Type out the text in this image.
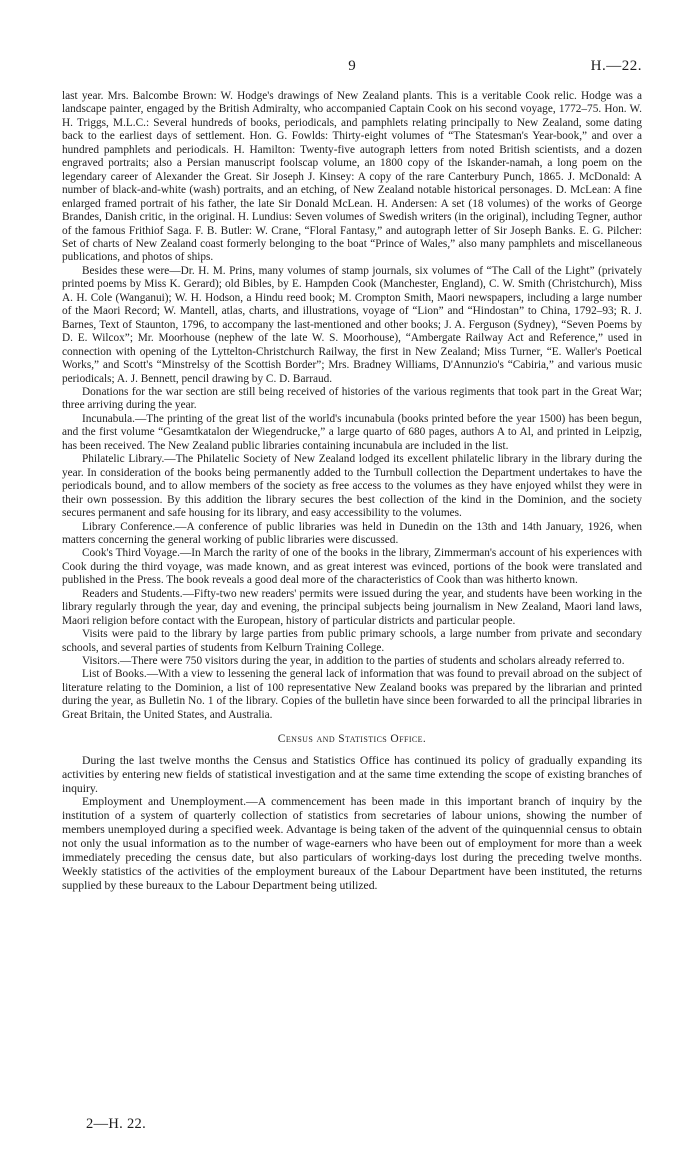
9	H.—22.

last year. Mrs. Balcombe Brown: W. Hodge's drawings of New Zealand plants. This is a veritable Cook relic. Hodge was a landscape painter, engaged by the British Admiralty, who accompanied Captain Cook on his second voyage, 1772–75. Hon. W. H. Triggs, M.L.C.: Several hundreds of books, periodicals, and pamphlets relating principally to New Zealand, some dating back to the earliest days of settlement. Hon. G. Fowlds: Thirty-eight volumes of “The Statesman's Year-book,” and over a hundred pamphlets and periodicals. H. Hamilton: Twenty-five autograph letters from noted British scientists, and a dozen engraved portraits; also a Persian manuscript foolscap volume, an 1800 copy of the Iskander-namah, a long poem on the legendary career of Alexander the Great. Sir Joseph J. Kinsey: A copy of the rare Canterbury Punch, 1865. J. McDonald: A number of black-and-white (wash) portraits, and an etching, of New Zealand notable historical personages. D. McLean: A fine enlarged framed portrait of his father, the late Sir Donald McLean. H. Andersen: A set (18 volumes) of the works of George Brandes, Danish critic, in the original. H. Lundius: Seven volumes of Swedish writers (in the original), including Tegner, author of the famous Frithiof Saga. F. B. Butler: W. Crane, “Floral Fantasy,” and autograph letter of Sir Joseph Banks. E. G. Pilcher: Set of charts of New Zealand coast formerly belonging to the boat “Prince of Wales,” also many pamphlets and miscellaneous publications, and photos of ships.

Besides these were—Dr. H. M. Prins, many volumes of stamp journals, six volumes of “The Call of the Light” (privately printed poems by Miss K. Gerard); old Bibles, by E. Hampden Cook (Manchester, England), C. W. Smith (Christchurch), Miss A. H. Cole (Wanganui); W. H. Hodson, a Hindu reed book; M. Crompton Smith, Maori newspapers, including a large number of the Maori Record; W. Mantell, atlas, charts, and illustrations, voyage of “Lion” and “Hindostan” to China, 1792–93; R. J. Barnes, Text of Staunton, 1796, to accompany the last-mentioned and other books; J. A. Ferguson (Sydney), “Seven Poems by D. E. Wilcox”; Mr. Moorhouse (nephew of the late W. S. Moorhouse), “Ambergate Railway Act and Reference,” used in connection with opening of the Lyttelton-Christchurch Railway, the first in New Zealand; Miss Turner, “E. Waller's Poetical Works,” and Scott's “Minstrelsy of the Scottish Border”; Mrs. Bradney Williams, D'Annunzio's “Cabiria,” and various music periodicals; A. J. Bennett, pencil drawing by C. D. Barraud.

Donations for the war section are still being received of histories of the various regiments that took part in the Great War; three arriving during the year.

Incunabula.—The printing of the great list of the world's incunabula (books printed before the year 1500) has been begun, and the first volume “Gesamtkatalon der Wiegendrucke,” a large quarto of 680 pages, authors A to Al, and printed in Leipzig, has been received. The New Zealand public libraries containing incunabula are included in the list.

Philatelic Library.—The Philatelic Society of New Zealand lodged its excellent philatelic library in the library during the year. In consideration of the books being permanently added to the Turnbull collection the Department undertakes to have the periodicals bound, and to allow members of the society as free access to the volumes as they have enjoyed whilst they were in their own possession. By this addition the library secures the best collection of the kind in the Dominion, and the society secures permanent and safe housing for its library, and easy accessibility to the volumes.

Library Conference.—A conference of public libraries was held in Dunedin on the 13th and 14th January, 1926, when matters concerning the general working of public libraries were discussed.

Cook's Third Voyage.—In March the rarity of one of the books in the library, Zimmerman's account of his experiences with Cook during the third voyage, was made known, and as great interest was evinced, portions of the book were translated and published in the Press. The book reveals a good deal more of the characteristics of Cook than was hitherto known.

Readers and Students.—Fifty-two new readers' permits were issued during the year, and students have been working in the library regularly through the year, day and evening, the principal subjects being journalism in New Zealand, Maori land laws, Maori religion before contact with the European, history of particular districts and particular people.

Visits were paid to the library by large parties from public primary schools, a large number from private and secondary schools, and several parties of students from Kelburn Training College.

Visitors.—There were 750 visitors during the year, in addition to the parties of students and scholars already referred to.

List of Books.—With a view to lessening the general lack of information that was found to prevail abroad on the subject of literature relating to the Dominion, a list of 100 representative New Zealand books was prepared by the librarian and printed during the year, as Bulletin No. 1 of the library. Copies of the bulletin have since been forwarded to all the principal libraries in Great Britain, the United States, and Australia.

Census and Statistics Office.

During the last twelve months the Census and Statistics Office has continued its policy of gradually expanding its activities by entering new fields of statistical investigation and at the same time extending the scope of existing branches of inquiry.

Employment and Unemployment.—A commencement has been made in this important branch of inquiry by the institution of a system of quarterly collection of statistics from secretaries of labour unions, showing the number of members unemployed during a specified week. Advantage is being taken of the advent of the quinquennial census to obtain not only the usual information as to the number of wage-earners who have been out of employment for more than a week immediately preceding the census date, but also particulars of working-days lost during the preceding twelve months. Weekly statistics of the activities of the employment bureaux of the Labour Department have been instituted, the returns supplied by these bureaux to the Labour Department being utilized.

2—H. 22.
